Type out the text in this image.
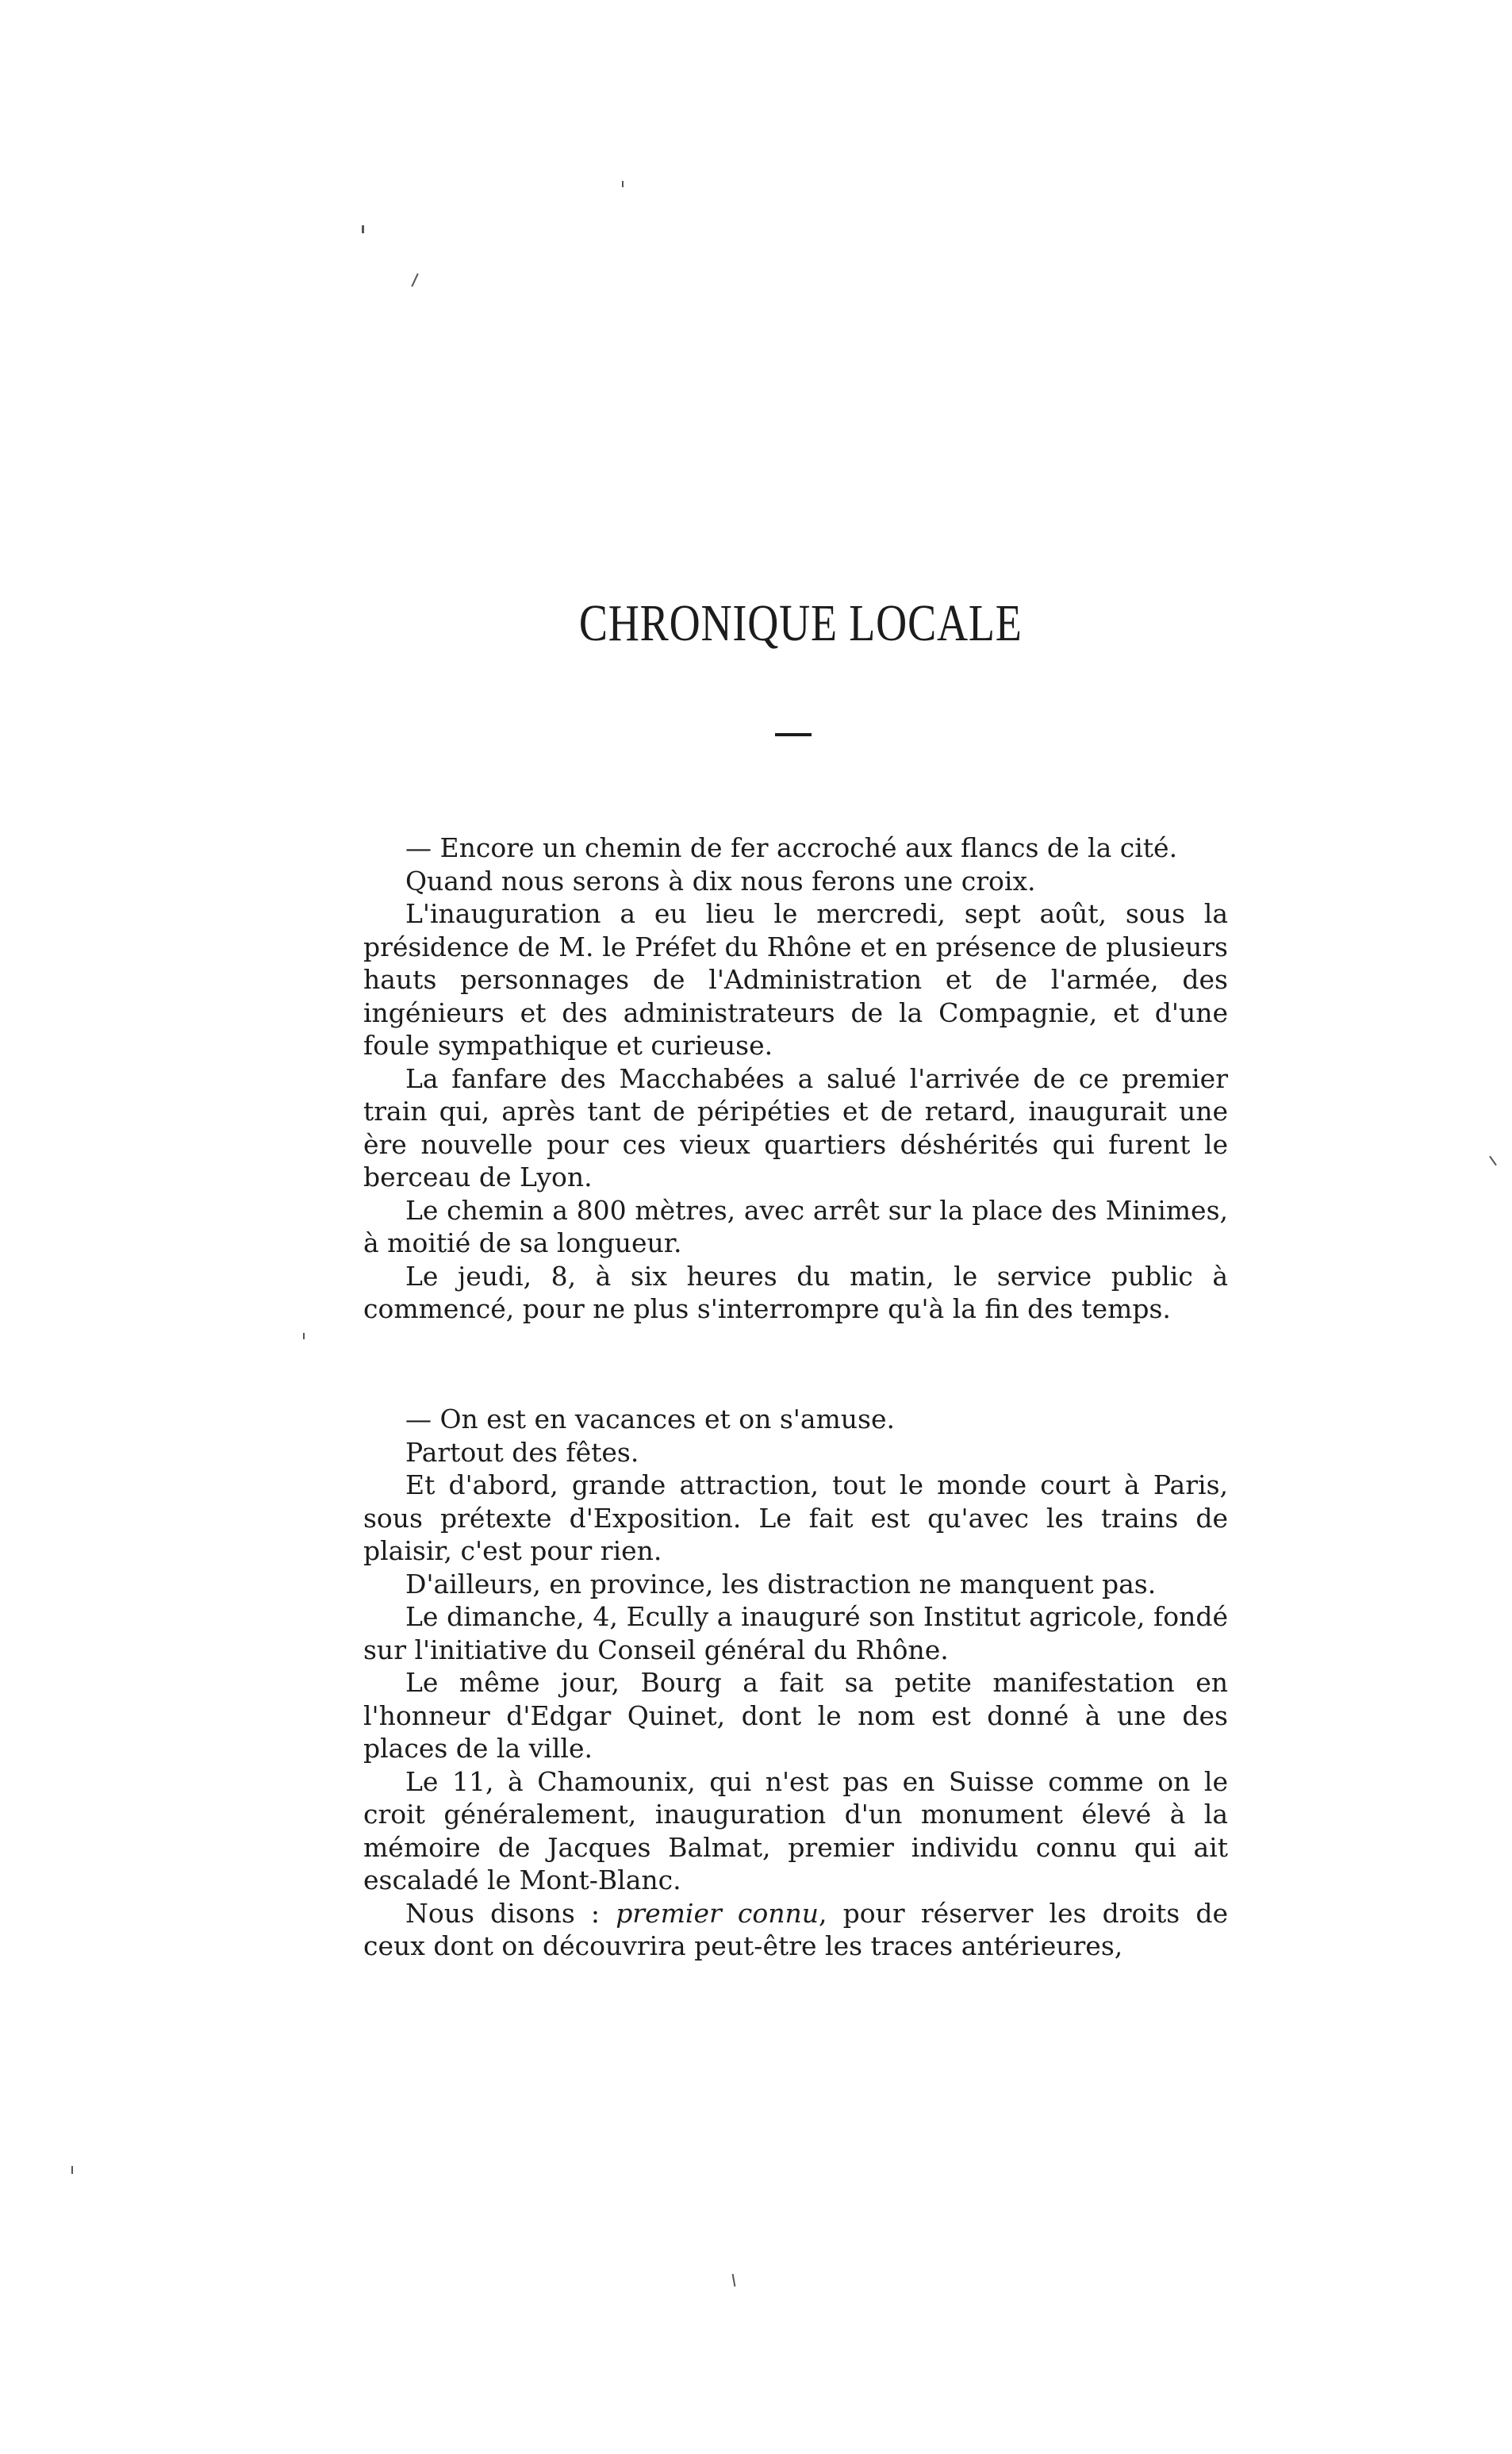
CHRONIQUE LOCALE

— Encore un chemin de fer accroché aux flancs de la cité.

Quand nous serons à dix nous ferons une croix.

L'inauguration a eu lieu le mercredi, sept août, sous la présidence de M. le Préfet du Rhône et en présence de plusieurs hauts personnages de l'Administration et de l'armée, des ingénieurs et des administrateurs de la Compagnie, et d'une foule sympathique et curieuse.

La fanfare des Macchabées a salué l'arrivée de ce premier train qui, après tant de péripéties et de retard, inaugurait une ère nouvelle pour ces vieux quartiers déshérités qui furent le berceau de Lyon.

Le chemin a 800 mètres, avec arrêt sur la place des Minimes, à moitié de sa longueur.

Le jeudi, 8, à six heures du matin, le service public à commencé, pour ne plus s'interrompre qu'à la fin des temps.

— On est en vacances et on s'amuse.

Partout des fêtes.

Et d'abord, grande attraction, tout le monde court à Paris, sous prétexte d'Exposition. Le fait est qu'avec les trains de plaisir, c'est pour rien.

D'ailleurs, en province, les distraction ne manquent pas.

Le dimanche, 4, Ecully a inauguré son Institut agricole, fondé sur l'initiative du Conseil général du Rhône.

Le même jour, Bourg a fait sa petite manifestation en l'honneur d'Edgar Quinet, dont le nom est donné à une des places de la ville.

Le 11, à Chamounix, qui n'est pas en Suisse comme on le croit généralement, inauguration d'un monument élevé à la mémoire de Jacques Balmat, premier individu connu qui ait escaladé le Mont-Blanc.

Nous disons : premier connu, pour réserver les droits de ceux dont on découvrira peut-être les traces antérieures,
